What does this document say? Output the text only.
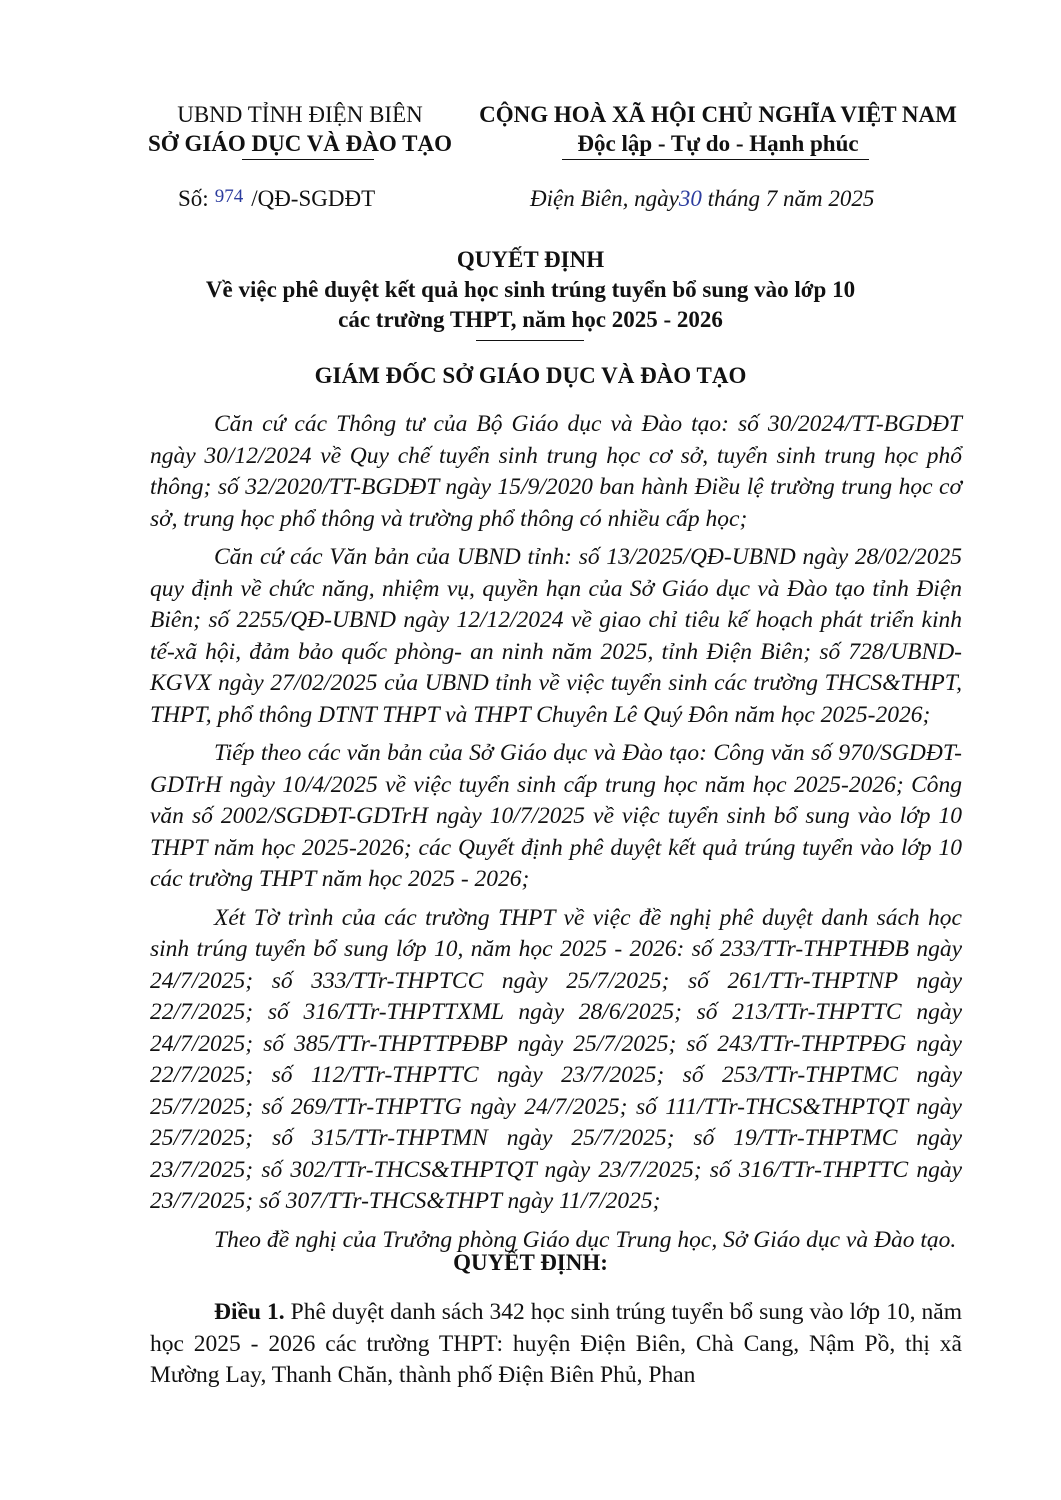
UBND TỈNH ĐIỆN BIÊN
SỞ GIÁO DỤC VÀ ĐÀO TẠO
CỘNG HOÀ XÃ HỘI CHỦ NGHĨA VIỆT NAM
Độc lập - Tự do - Hạnh phúc
Số: 974 /QĐ-SGDĐT	Điện Biên, ngày30 tháng 7 năm 2025
QUYẾT ĐỊNH
Về việc phê duyệt kết quả học sinh trúng tuyển bổ sung vào lớp 10
các trường THPT, năm học 2025 - 2026
GIÁM ĐỐC SỞ GIÁO DỤC VÀ ĐÀO TẠO

Căn cứ các Thông tư của Bộ Giáo dục và Đào tạo: số 30/2024/TT-BGDĐT ngày 30/12/2024 về Quy chế tuyển sinh trung học cơ sở, tuyển sinh trung học phổ thông; số 32/2020/TT-BGDĐT ngày 15/9/2020 ban hành Điều lệ trường trung học cơ sở, trung học phổ thông và trường phổ thông có nhiều cấp học;

Căn cứ các Văn bản của UBND tỉnh: số 13/2025/QĐ-UBND ngày 28/02/2025 quy định về chức năng, nhiệm vụ, quyền hạn của Sở Giáo dục và Đào tạo tỉnh Điện Biên; số 2255/QĐ-UBND ngày 12/12/2024 về giao chỉ tiêu kế hoạch phát triển kinh tế-xã hội, đảm bảo quốc phòng- an ninh năm 2025, tỉnh Điện Biên; số 728/UBND-KGVX ngày 27/02/2025 của UBND tỉnh về việc tuyển sinh các trường THCS&THPT, THPT, phổ thông DTNT THPT và THPT Chuyên Lê Quý Đôn năm học 2025-2026;

Tiếp theo các văn bản của Sở Giáo dục và Đào tạo: Công văn số 970/SGDĐT-GDTrH ngày 10/4/2025 về việc tuyển sinh cấp trung học năm học 2025-2026; Công văn số 2002/SGDĐT-GDTrH ngày 10/7/2025 về việc tuyển sinh bổ sung vào lớp 10 THPT năm học 2025-2026; các Quyết định phê duyệt kết quả trúng tuyển vào lớp 10 các trường THPT năm học 2025 - 2026;

Xét Tờ trình của các trường THPT về việc đề nghị phê duyệt danh sách học sinh trúng tuyển bổ sung lớp 10, năm học 2025 - 2026: số 233/TTr-THPTHĐB ngày 24/7/2025; số 333/TTr-THPTCC ngày 25/7/2025; số 261/TTr-THPTNP ngày 22/7/2025; số 316/TTr-THPTTXML ngày 28/6/2025; số 213/TTr-THPTTC ngày 24/7/2025; số 385/TTr-THPTTPĐBP ngày 25/7/2025; số 243/TTr-THPTPĐG ngày 22/7/2025; số 112/TTr-THPTTC ngày 23/7/2025; số 253/TTr-THPTMC ngày 25/7/2025; số 269/TTr-THPTTG ngày 24/7/2025; số 111/TTr-THCS&THPTQT ngày 25/7/2025; số 315/TTr-THPTMN ngày 25/7/2025; số 19/TTr-THPTMC ngày 23/7/2025; số 302/TTr-THCS&THPTQT ngày 23/7/2025; số 316/TTr-THPTTC ngày 23/7/2025; số 307/TTr-THCS&THPT ngày 11/7/2025;

Theo đề nghị của Trưởng phòng Giáo dục Trung học, Sở Giáo dục và Đào tạo.

QUYẾT ĐỊNH:

Điều 1. Phê duyệt danh sách 342 học sinh trúng tuyển bổ sung vào lớp 10, năm học 2025 - 2026 các trường THPT: huyện Điện Biên, Chà Cang, Nậm Pồ, thị xã Mường Lay, Thanh Chăn, thành phố Điện Biên Phủ, Phan
